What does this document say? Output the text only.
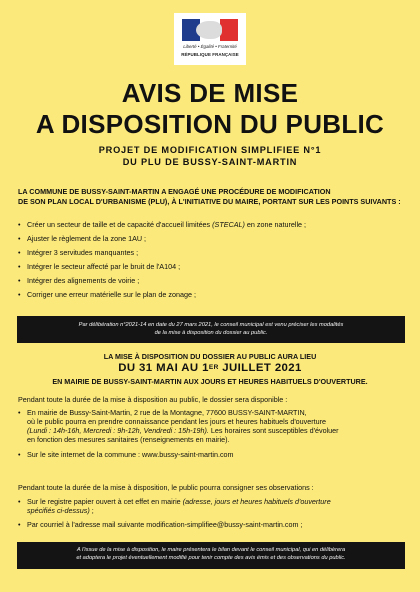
Liberté • Égalité • Fraternité
RÉPUBLIQUE FRANÇAISE
AVIS DE MISE
A DISPOSITION DU PUBLIC
PROJET DE MODIFICATION SIMPLIFIEE N°1
DU PLU DE BUSSY-SAINT-MARTIN
LA COMMUNE DE BUSSY-SAINT-MARTIN A ENGAGÉ UNE PROCÉDURE DE MODIFICATION
DE SON PLAN LOCAL D'URBANISME (PLU), À L'INITIATIVE DU MAIRE, PORTANT SUR LES POINTS SUIVANTS :
• Créer un secteur de taille et de capacité d'accueil limitées (STECAL) en zone naturelle ;
• Ajuster le règlement de la zone 1AU ;
• Intégrer 3 servitudes manquantes ;
• Intégrer le secteur affecté par le bruit de l'A104 ;
• Intégrer des alignements de voirie ;
• Corriger une erreur matérielle sur le plan de zonage ;
Par délibération n°2021-14 en date du 27 mars 2021, le conseil municipal est venu préciser les modalités
de la mise à disposition du dossier au public.
LA MISE À DISPOSITION DU DOSSIER AU PUBLIC AURA LIEU
DU 31 MAI AU 1ER JUILLET 2021
EN MAIRIE DE BUSSY-SAINT-MARTIN AUX JOURS ET HEURES HABITUELS D'OUVERTURE.
Pendant toute la durée de la mise à disposition au public, le dossier sera disponible :
• En mairie de Bussy-Saint-Martin, 2 rue de la Montagne, 77600 BUSSY-SAINT-MARTIN,
où le public pourra en prendre connaissance pendant les jours et heures habituels d'ouverture
(Lundi : 14h-16h, Mercredi : 9h-12h, Vendredi : 15h-19h). Les horaires sont susceptibles d'évoluer
en fonction des mesures sanitaires (renseignements en mairie).
• Sur le site internet de la commune : www.bussy-saint-martin.com
Pendant toute la durée de la mise à disposition, le public pourra consigner ses observations :
• Sur le registre papier ouvert à cet effet en mairie (adresse, jours et heures habituels d'ouverture
spécifiés ci-dessus) ;
• Par courriel à l'adresse mail suivante modification-simplifiee@bussy-saint-martin.com ;
A l'issue de la mise à disposition, le maire présentera le bilan devant le conseil municipal, qui en délibèrera
et adoptera le projet éventuellement modifié pour tenir compte des avis émis et des observations du public.
